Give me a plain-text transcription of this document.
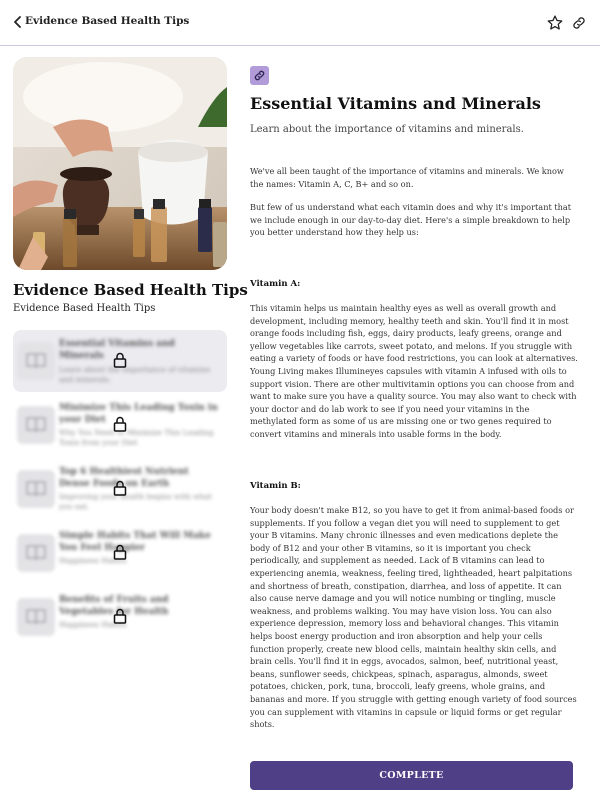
Evidence Based Health Tips
Evidence Based Health Tips
Evidence Based Health Tips
Essential Vitamins and Minerals
Learn about the importance of vitamins and minerals.
Minimize This Leading Toxin in your Diet
Why You Need to Minimize This Leading Toxin from your Diet
Top 6 Healthiest Nutrient Dense Foods on Earth
Improving your health begins with what you eat.
Simple Habits That Will Make You Feel Happier
Happiness Habits
Benefits of Fruits and Vegetables for Health
Happiness Habits
Essential Vitamins and Minerals
Learn about the importance of vitamins and minerals.
We've all been taught of the importance of vitamins and minerals. We know the names: Vitamin A, C, B+ and so on.
But few of us understand what each vitamin does and why it's important that we include enough in our day-to-day diet. Here's a simple breakdown to help you better understand how they help us:
Vitamin A:
This vitamin helps us maintain healthy eyes as well as overall growth and development, including memory, healthy teeth and skin. You'll find it in most orange foods including fish, eggs, dairy products, leafy greens, orange and yellow vegetables like carrots, sweet potato, and melons. If you struggle with eating a variety of foods or have food restrictions, you can look at alternatives. Young Living makes Illumineyes capsules with vitamin A infused with oils to support vision. There are other multivitamin options you can choose from and want to make sure you have a quality source. You may also want to check with your doctor and do lab work to see if you need your vitamins in the methylated form as some of us are missing one or two genes required to convert vitamins and minerals into usable forms in the body.
Vitamin B:
Your body doesn't make B12, so you have to get it from animal-based foods or supplements. If you follow a vegan diet you will need to supplement to get your B vitamins. Many chronic illnesses and even medications deplete the body of B12 and your other B vitamins, so it is important you check periodically, and supplement as needed. Lack of B vitamins can lead to experiencing anemia, weakness, feeling tired, lightheaded, heart palpitations and shortness of breath, constipation, diarrhea, and loss of appetite. It can also cause nerve damage and you will notice numbing or tingling, muscle weakness, and problems walking. You may have vision loss. You can also experience depression, memory loss and behavioral changes. This vitamin helps boost energy production and iron absorption and help your cells function properly, create new blood cells, maintain healthy skin cells, and brain cells. You'll find it in eggs, avocados, salmon, beef, nutritional yeast, beans, sunflower seeds, chickpeas, spinach, asparagus, almonds, sweet potatoes, chicken, pork, tuna, broccoli, leafy greens, whole grains, and bananas and more. If you struggle with getting enough variety of food sources you can supplement with vitamins in capsule or liquid forms or get regular shots.
COMPLETE
